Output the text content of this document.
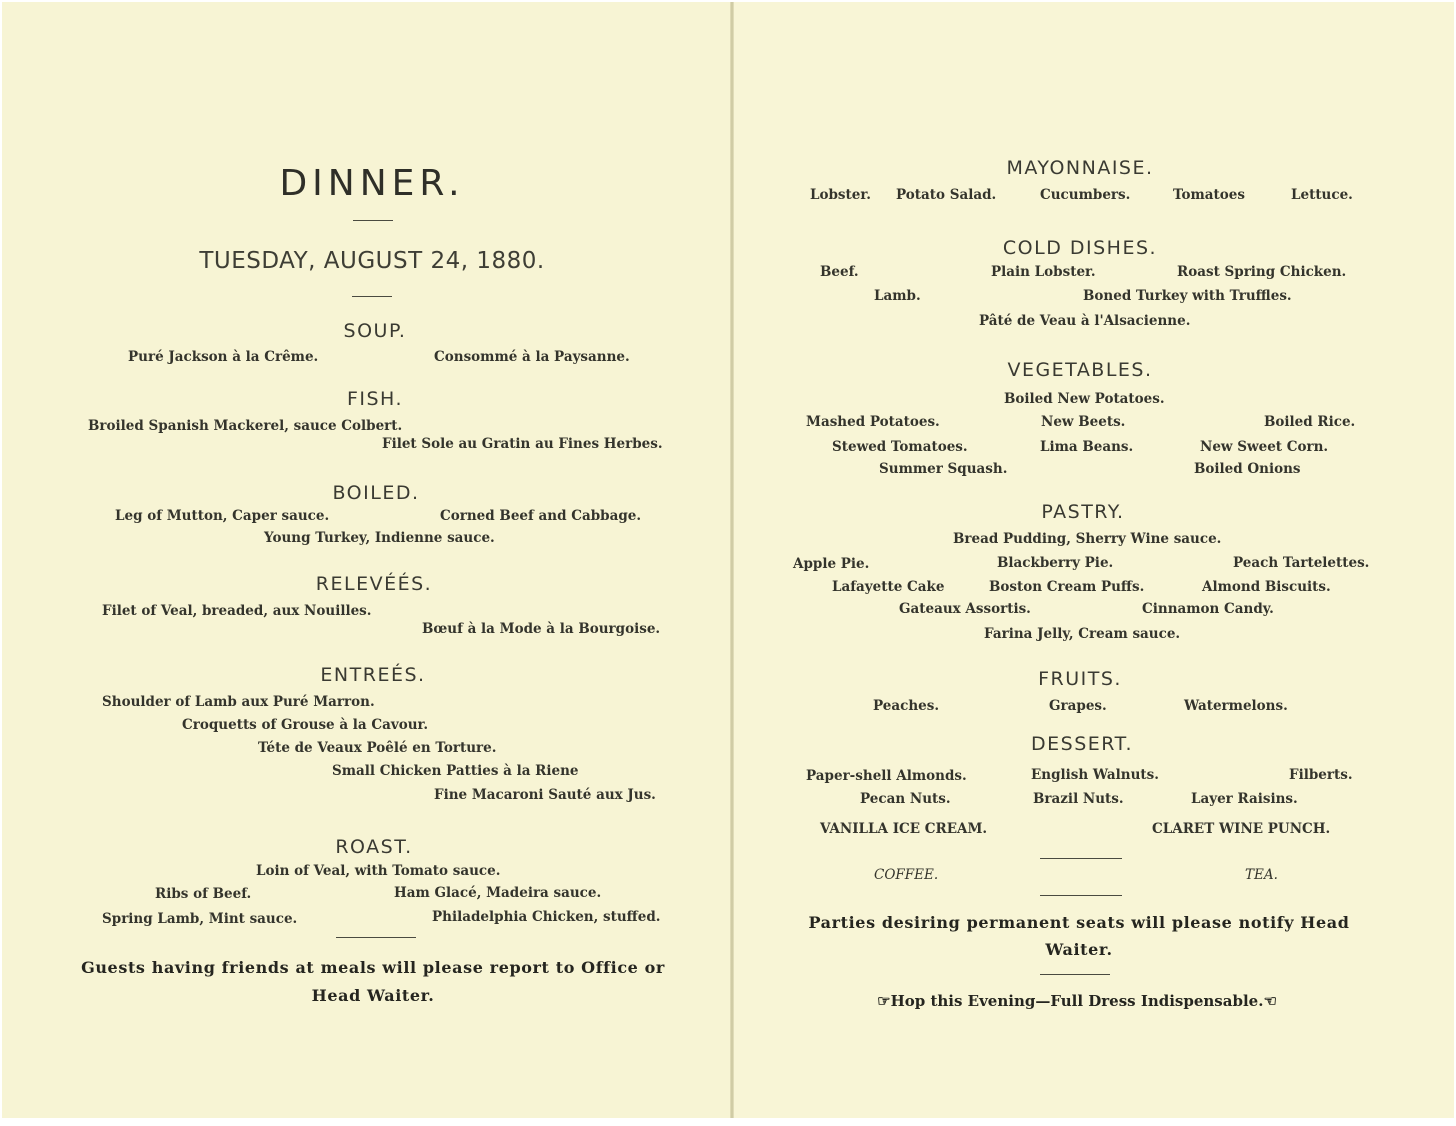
DINNER.
TUESDAY, AUGUST 24, 1880.
SOUP.
Puré Jackson à la Crême.	Consommé à la Paysanne.
FISH.
Broiled Spanish Mackerel, sauce Colbert.
Filet Sole au Gratin au Fines Herbes.
BOILED.
Leg of Mutton, Caper sauce.	Corned Beef and Cabbage.
Young Turkey, Indienne sauce.
RELEVÉÉS.
Filet of Veal, breaded, aux Nouilles.
Bœuf à la Mode à la Bourgoise.
ENTREÉS.
Shoulder of Lamb aux Puré Marron.
Croquetts of Grouse à la Cavour.
Téte de Veaux Poêlé en Torture.
Small Chicken Patties à la Riene
Fine Macaroni Sauté aux Jus.
ROAST.
Loin of Veal, with Tomato sauce.
Ribs of Beef.	Ham Glacé, Madeira sauce.
Spring Lamb, Mint sauce.	Philadelphia Chicken, stuffed.
Guests having friends at meals will please report to Office or
Head Waiter.
MAYONNAISE.
Lobster. Potato Salad.	Cucumbers.	Tomatoes	Lettuce.
COLD DISHES.
Beef.	Plain Lobster.	Roast Spring Chicken.
Lamb.	Boned Turkey with Truffles.
Pâté de Veau à l'Alsacienne.
VEGETABLES.
Boiled New Potatoes.
Mashed Potatoes.	New Beets.	Boiled Rice.
Stewed Tomatoes.	Lima Beans.	New Sweet Corn.
Summer Squash.	Boiled Onions
PASTRY.
Bread Pudding, Sherry Wine sauce.
Apple Pie.	Blackberry Pie.	Peach Tartelettes.
Lafayette Cake	Boston Cream Puffs.	Almond Biscuits.
Gateaux Assortis.	Cinnamon Candy.
Farina Jelly, Cream sauce.
FRUITS.
Peaches.	Grapes.	Watermelons.
DESSERT.
Paper-shell Almonds.	English Walnuts.	Filberts.
Pecan Nuts.	Brazil Nuts.	Layer Raisins.
VANILLA ICE CREAM.	CLARET WINE PUNCH.
COFFEE.	TEA.
Parties desiring permanent seats will please notify Head
Waiter.
☞Hop this Evening—Full Dress Indispensable.☜
